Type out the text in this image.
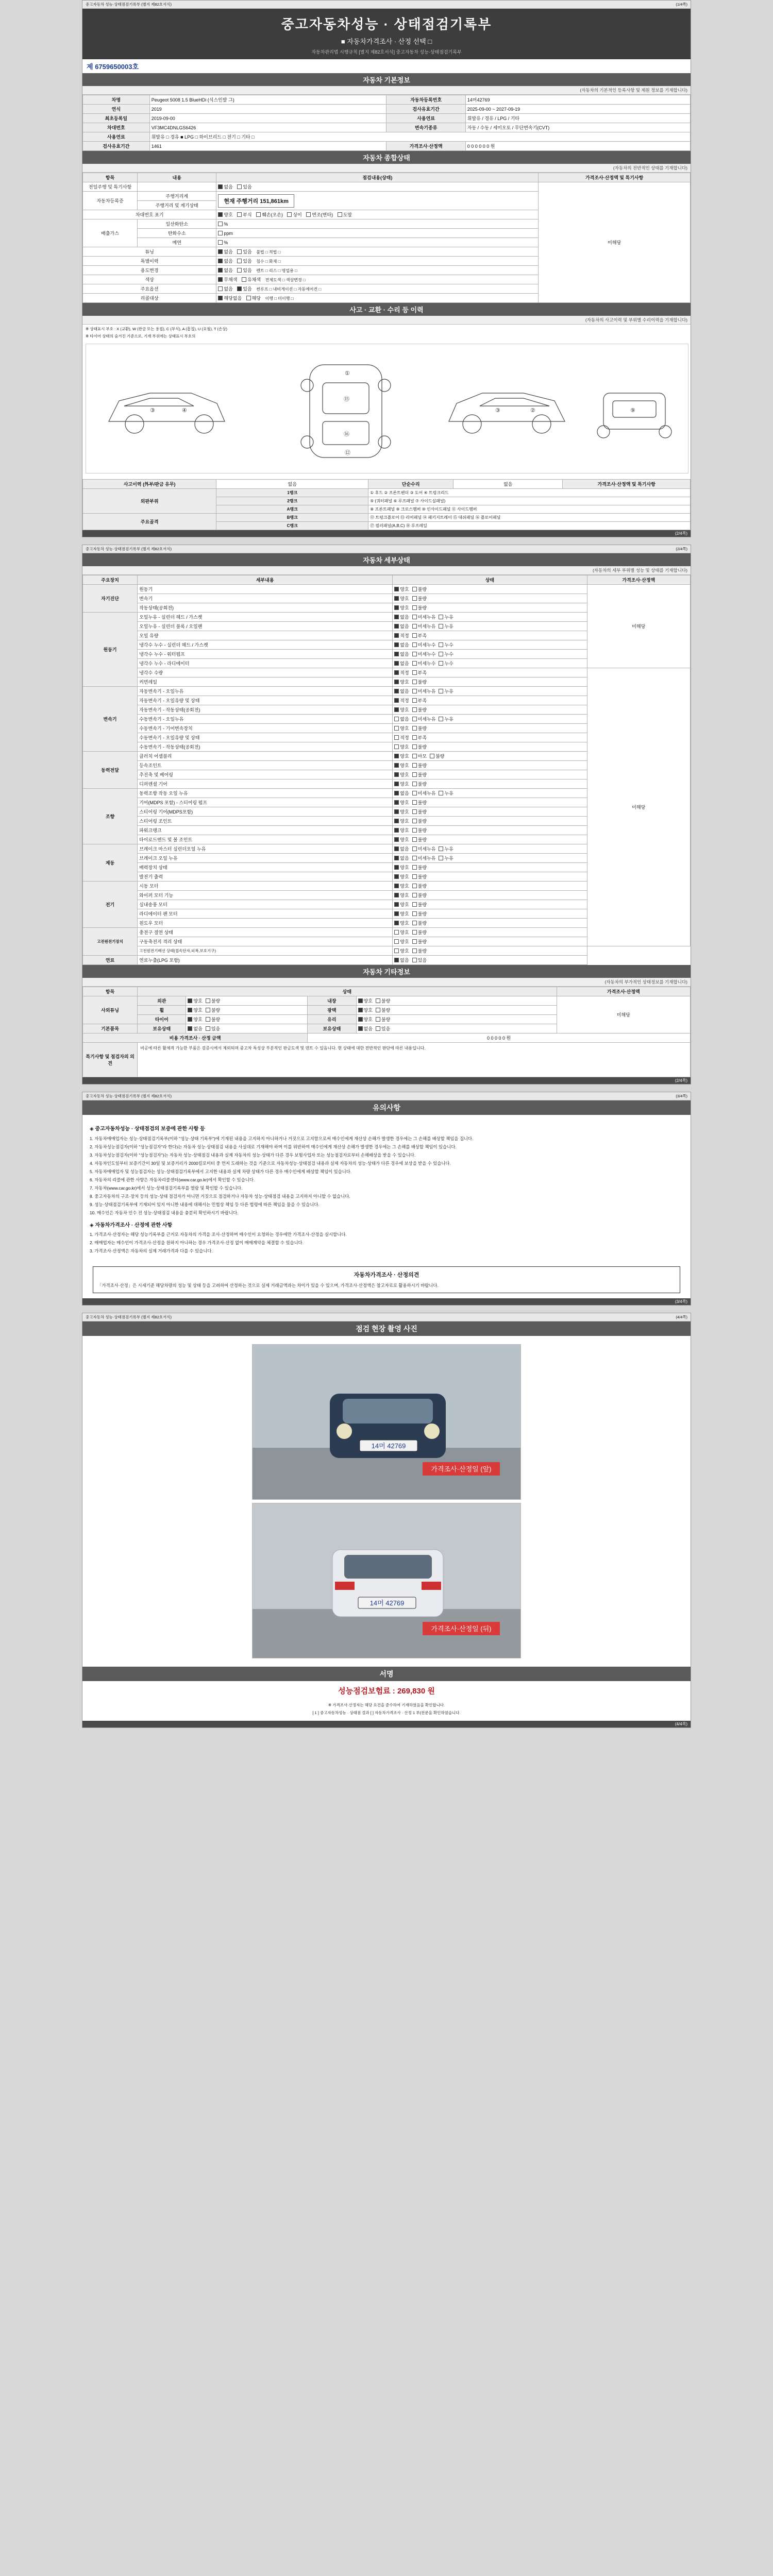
중고자동차 성능·상태점검기록부 (별지 제82호서식)	(1/4쪽)
중고자동차성능 · 상태점검기록부
■ 자동차가격조사 · 산정 선택 □
자동차관리법 시행규칙 [별지 제82호서식] 중고자동차 성능·상태점검기록부
제 6759650003호
자동차 기본정보
(자동차의 기본적인 등록사항 및 제원 정보를 기재합니다)
차명	Peugeot 5008 1.5 BlueHDi (식스인발 그)	자동차등록번호	14머42769
연식	2019	검사유효기간	2025-09-00 ~ 2027-09-19
최초등록일	2019-09-00	사용연료	휘발유 / 경유 / LPG / 기타
차대번호	VF3MC4DNLGS6426	변속기종류	자동 / 수동 / 세미오토 / 무단변속기(CVT)
사용연료	휘발유 □ 경유 ■ LPG □ 하이브리드 □ 전기 □ 기타 □		
검사유효기간	1461	가격조사·산정액	0 0 0 0 0 0 원
자동차 종합상태
(자동차의 전반적인 상태를 기재합니다)
항목	내용	점검내용(상태)	가격조사·산정액 및 특기사항
전일주행 및 특기사항		없음 있음	미해당
자동차등록증	주행거리계	현재 주행거리 151,861km	
	주행거리 및 계기상태		
차대번호 표기		양호 부식 훼손(오손) 상이 변조(변타) 도말	
배출가스	일산화탄소	%	
	탄화수소	ppm	
	매연	%	
튜닝		없음 있음 불법 □ 적법 □	
특별이력		없음 있음 침수 □ 화재 □	
용도변경		없음 있음 렌트 □ 리스 □ 영업용 □	
색상		무채색 유채색 전체도색 □ 색상변경 □	
주요옵션		없음 있음 썬루프 □ 내비게이션 □ 자동에어컨 □	
리콜대상		해당없음 해당 이행 □ 미이행 □	
사고 · 교환 · 수리 등 이력
(자동차의 사고이력 및 부위별 수리이력을 기재합니다)
※ 상태표시 부호 : X (교환), W (판금 또는 용접), C (부식), A (흠집), U (요철), T (손상)
※ 타이어 상태의 숨겨진 기준으로, 기재 부위에는 상태표시 부호의
③	④
⑮
⑯
①
⑫
③	②	⑨
사고이력 (外부/판금 유무)	없음	단순수리	없음	가격조사·산정액 및 특기사항
외판부위	1랭크	① 후드 ② 프론트펜더 ③ 도어 ④ 트렁크리드		
	2랭크	⑤ (쿼터패널 ⑥ 루프패널 ⑦ 사이드실패널)		
	A랭크	⑧ 프론트패널 ⑨ 크로스멤버 ⑩ 인사이드패널 ⑪ 사이드멤버		
주요골격	B랭크	⑫ 트렁크플로어 ⑬ 리어패널 ⑭ 패키지트레이 ⑮ 대쉬패널 ⑯ 플로어패널		
	C랭크	⑰ 필러패널(A,B,C) ⑱ 루프레일		
(2/4쪽)
중고자동차 성능·상태점검기록부 (별지 제82호서식)	(2/4쪽)
자동차 세부상태
(자동차의 세부 부위별 성능 및 상태를 기재합니다)
주요장치	세부내용	상태	가격조사·산정액
자기진단	원동기	양호 불량	미해당
	변속기	양호 불량	
	작동상태(공회전)	양호 불량	
원동기	오일누유 - 실린더 헤드 / 가스켓	없음 미세누유 누유	
	오일누유 - 실린더 블록 / 오일팬	없음 미세누유 누유	
	오일 유량	적정 부족	
	냉각수 누수 - 실린더 헤드 / 가스켓	없음 미세누수 누수	
	냉각수 누수 - 워터펌프	없음 미세누수 누수	
	냉각수 누수 - 라디에이터	없음 미세누수 누수	
	냉각수 수량	적정 부족	미해당
	커먼레일	양호 불량	
변속기	자동변속기 - 오일누유	없음 미세누유 누유	
	자동변속기 - 오일유량 및 상태	적정 부족	
	자동변속기 - 작동상태(공회전)	양호 불량	
	수동변속기 - 오일누유	없음 미세누유 누유	
	수동변속기 - 기어변속장치	양호 불량	
	수동변속기 - 오일유량 및 상태	적정 부족	
	수동변속기 - 작동상태(공회전)	양호 불량	
동력전달	클러치 어셈블리	양호 마모 불량	
	등속조인트	양호 불량	
	추진축 및 베어링	양호 불량	
	디퍼렌셜 기어	양호 불량	
조향	동력조향 작동 오일 누유	없음 미세누유 누유	
	기어(MDPS 포함) - 스티어링 펌프	양호 불량	
	스티어링 기어(MDPS포함)	양호 불량	
	스티어링 조인트	양호 불량	
	파워크랭크	양호 불량	
	타이로드엔드 및 볼 조인트	양호 불량	
제동	브레이크 마스터 실린더오일 누유	없음 미세누유 누유	
	브레이크 오일 누유	없음 미세누유 누유	
	배력장치 상태	양호 불량	
	발전기 출력	양호 불량	
전기	시동 모터	양호 불량	
	와이퍼 모터 기능	양호 불량	
	실내송풍 모터	양호 불량	
	라디에이터 팬 모터	양호 불량	
	윈도우 모터	양호 불량	
고전원전기장치	충전구 절연 상태	양호 불량	
	구동축전지 격리 상태	양호 불량	
	고전원전기배선 상태(접속단자,피복,보호기구)	양호 불량	
연료	연료누출(LPG 포함)	없음 있음	
자동차 기타정보
(자동차의 부가적인 상태정보를 기재합니다)
항목	상태				가격조사·산정액
사외튜닝	외관	양호 불량	내장	양호 불량	미해당
	휠	양호 불량	광택	양호 불량	
	타이어	양호 불량	유리	양호 불량	
기본품목	보유상태	없음 있음	보유상태	없음 있음	
비용 가격조사 · 산정 금액			0 0 0 0 0 원		
특기사항 및 점검자의 의견	비공에 따른 활체적 가능한 부품은 검증시에서 제외되며 중고차 특성상 부분적인 판금도색 및 덴트 수 있음니다. 현 상태에 대한 전반적인 판단에 따른 내용입니다.				
(2/4쪽)
중고자동차 성능·상태점검기록부 (별지 제82호서식)	(3/4쪽)
유의사항
◈ 중고자동차성능 · 상태점검의 보증에 관한 사항 등

1. 자동차매매업자는 성능·상태점검기록부(이하 "성능·상태 기록부")에 기재된 내용을 고지하지 아니하거나 거짓으로 고지함으로써 매수인에게 재산상 손해가 발생한 경우에는 그 손해를 배상할 책임을 집니다.

2. 자동차성능점검자(이하 "성능점검자"라 한다)는 자동차 성능·상태점검 내용을 사실대로 기재해야 하며 이를 위반하여 매수인에게 재산상 손해가 발생한 경우에는 그 손해를 배상할 책임이 있습니다.

3. 자동차성능점검자(이하 "성능점검자")는 자동차 성능·상태점검 내용과 실제 자동차의 성능·상태가 다른 경우 보험사업자 또는 성능점검자로부터 손해배상을 받을 수 있습니다.

4. 자동차인도일부터 보증기간이 30일 및 보증거리가 2000킬로미터 중 먼저 도래하는 것을 기준으로 자동차성능·상태점검 내용과 실제 자동차의 성능·상태가 다른 경우에 보상을 받을 수 있습니다.

5. 자동차매매업자 및 성능점검자는 성능·상태점검기록부에서 고지한 내용과 실제 차량 상태가 다른 경우 매수인에게 배상할 책임이 있습니다.

6. 자동차의 리콜에 관한 사항은 자동차리콜센터(www.car.go.kr)에서 확인할 수 있습니다.

7. 자동차(www.car.go.kr)에서 성능·상태점검기록부를 열람 및 확인할 수 있습니다.

8. 중고자동차의 구조·장치 등의 성능·상태 점검자가 아니면 거짓으로 점검하거나 자동차 성능·상태점검 내용을 고지하지 아니할 수 없습니다.

9. 성능·상태점검기록부에 기재되어 있지 아니한 내용에 대해서는 민법상 책임 등 다른 법령에 따른 책임을 물을 수 있습니다.

10. 매수인은 자동차 인수 전 성능·상태점검 내용을 충분히 확인하시기 바랍니다.

◈ 자동차가격조사 · 산정에 관한 사항

1. 가격조사·산정자는 해당 성능기록부를 근거로 자동차의 가격을 조사·산정하며 매수인이 요청하는 경우에만 가격조사·산정을 실시합니다.

2. 매매업자는 매수인이 가격조사·산정을 원하지 아니하는 경우 가격조사·산정 없이 매매계약을 체결할 수 있습니다.

3. 가격조사·산정액은 자동차의 실제 거래가격과 다를 수 있습니다.

자동차가격조사 · 산정의견
「가격조사·산정」은 시세기준 해당차량의 성능 및 상태 등을 고려하여 산정하는 것으로 실제 거래금액과는 차이가 있을 수 있으며, 가격조사·산정액은 참고자료로 활용하시기 바랍니다.
(3/4쪽)
중고자동차 성능·상태점검기록부 (별지 제82호서식)	(4/4쪽)
점검 현장 촬영 사진
14머 42769
가격조사·산정일 (앞)
14머 42769
가격조사·산정일 (뒤)
서명
성능점검보험료 : 269,830 원
※ 가격조사·산정자는 해당 요건을 준수하여 기재하였음을 확인합니다.
[ 1 ] 중고자동차성능 · 상태점 결과 [ ] 자동차가격조사 · 산정 1 부(전문을 확인하였습니다.
(4/4쪽)
